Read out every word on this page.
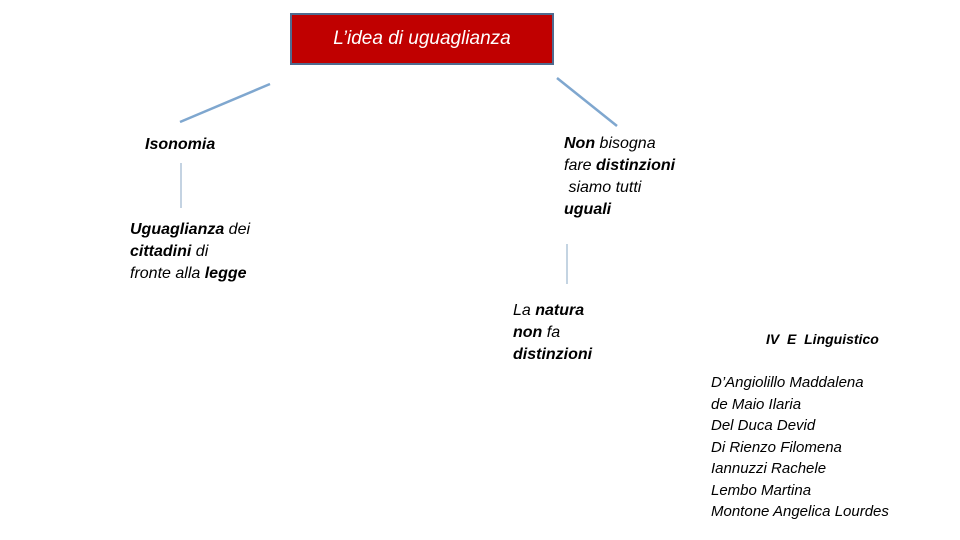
L’idea di uguaglianza
Isonomia
Uguaglianza dei
cittadini di
fronte alla legge
Non bisogna
fare distinzioni
siamo tutti
uguali
La natura
non fa
distinzioni
IV  E  Linguistico
D’Angiolillo Maddalena
de Maio Ilaria
Del Duca Devid
Di Rienzo Filomena
Iannuzzi Rachele
Lembo Martina
Montone Angelica Lourdes
